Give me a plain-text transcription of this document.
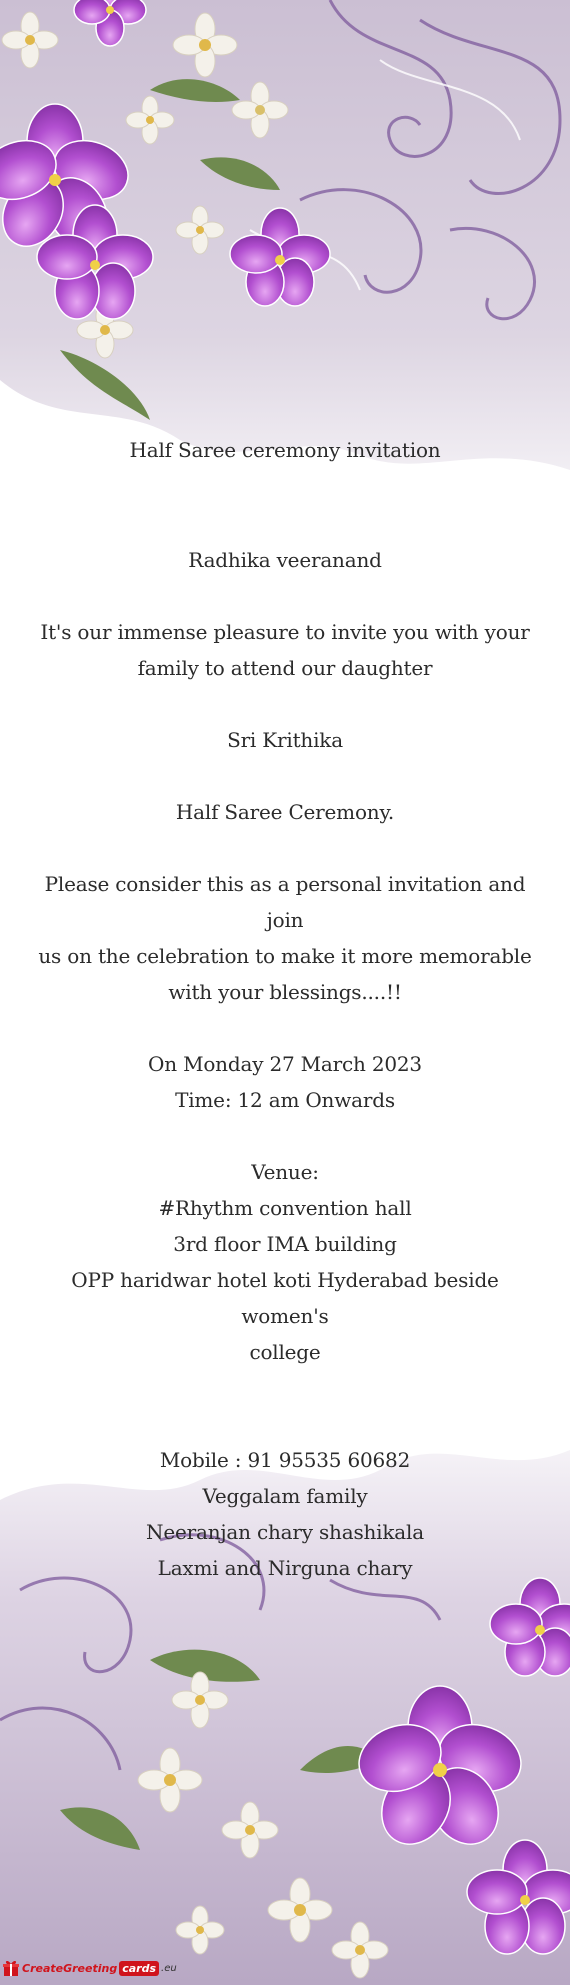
Half Saree ceremony invitation

Radhika veeranand

It's our immense pleasure to invite you with your

family to attend our daughter

Sri Krithika

Half Saree Ceremony.

Please consider this as a personal invitation and join

us on the celebration to make it more memorable

with your blessings....!!

On Monday 27 March 2023

Time: 12 am Onwards

Venue:

#Rhythm convention hall

3rd floor IMA building

OPP haridwar hotel koti Hyderabad beside women's

college

Mobile : 91 95535 60682

Veggalam family

Neeranjan chary shashikala

Laxmi and Nirguna chary

CreateGreeting cards .eu
